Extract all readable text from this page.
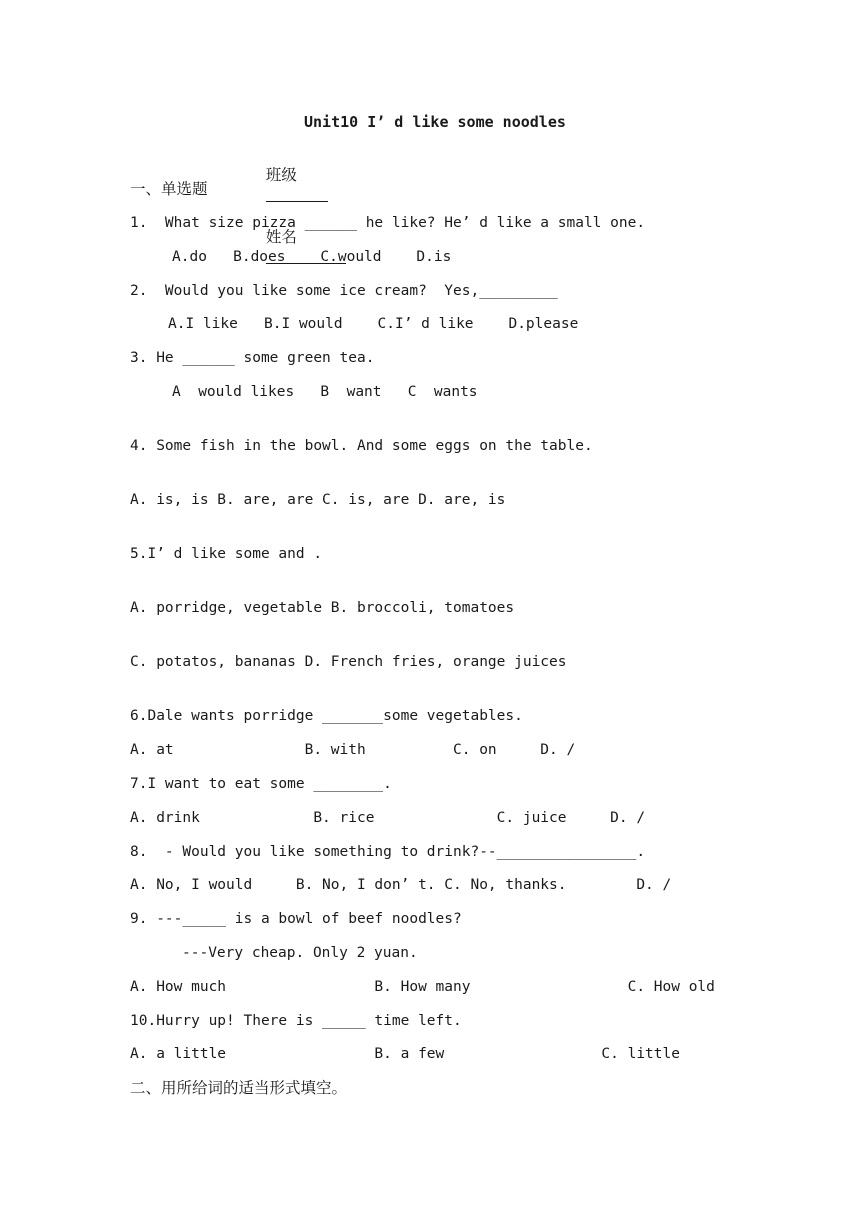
Unit10 I’ d like some noodles

班级

姓名

一、单选题
1.  What size pizza ______ he like? He’ d like a small one.
A.do   B.does    C.would    D.is
2.  Would you like some ice cream?  Yes,_________
A.I like   B.I would    C.I’ d like    D.please
3. He ______ some green tea.
A  would likes   B  want   C  wants
4. Some fish in the bowl. And some eggs on the table.
A. is, is B. are, are C. is, are D. are, is
5.I’ d like some and .
A. porridge, vegetable B. broccoli, tomatoes
C. potatos, bananas D. French fries, orange juices
6.Dale wants porridge _______some vegetables.
A. at               B. with          C. on     D. /
7.I want to eat some ________.
A. drink             B. rice              C. juice     D. /
8.  - Would you like something to drink?--________________.
A. No, I would     B. No, I don’ t. C. No, thanks.        D. /
9. ---_____ is a bowl of beef noodles?
---Very cheap. Only 2 yuan.
A. How much                 B. How many                  C. How old
10.Hurry up! There is _____ time left.
A. a little                 B. a few                  C. little
二、用所给词的适当形式填空。
